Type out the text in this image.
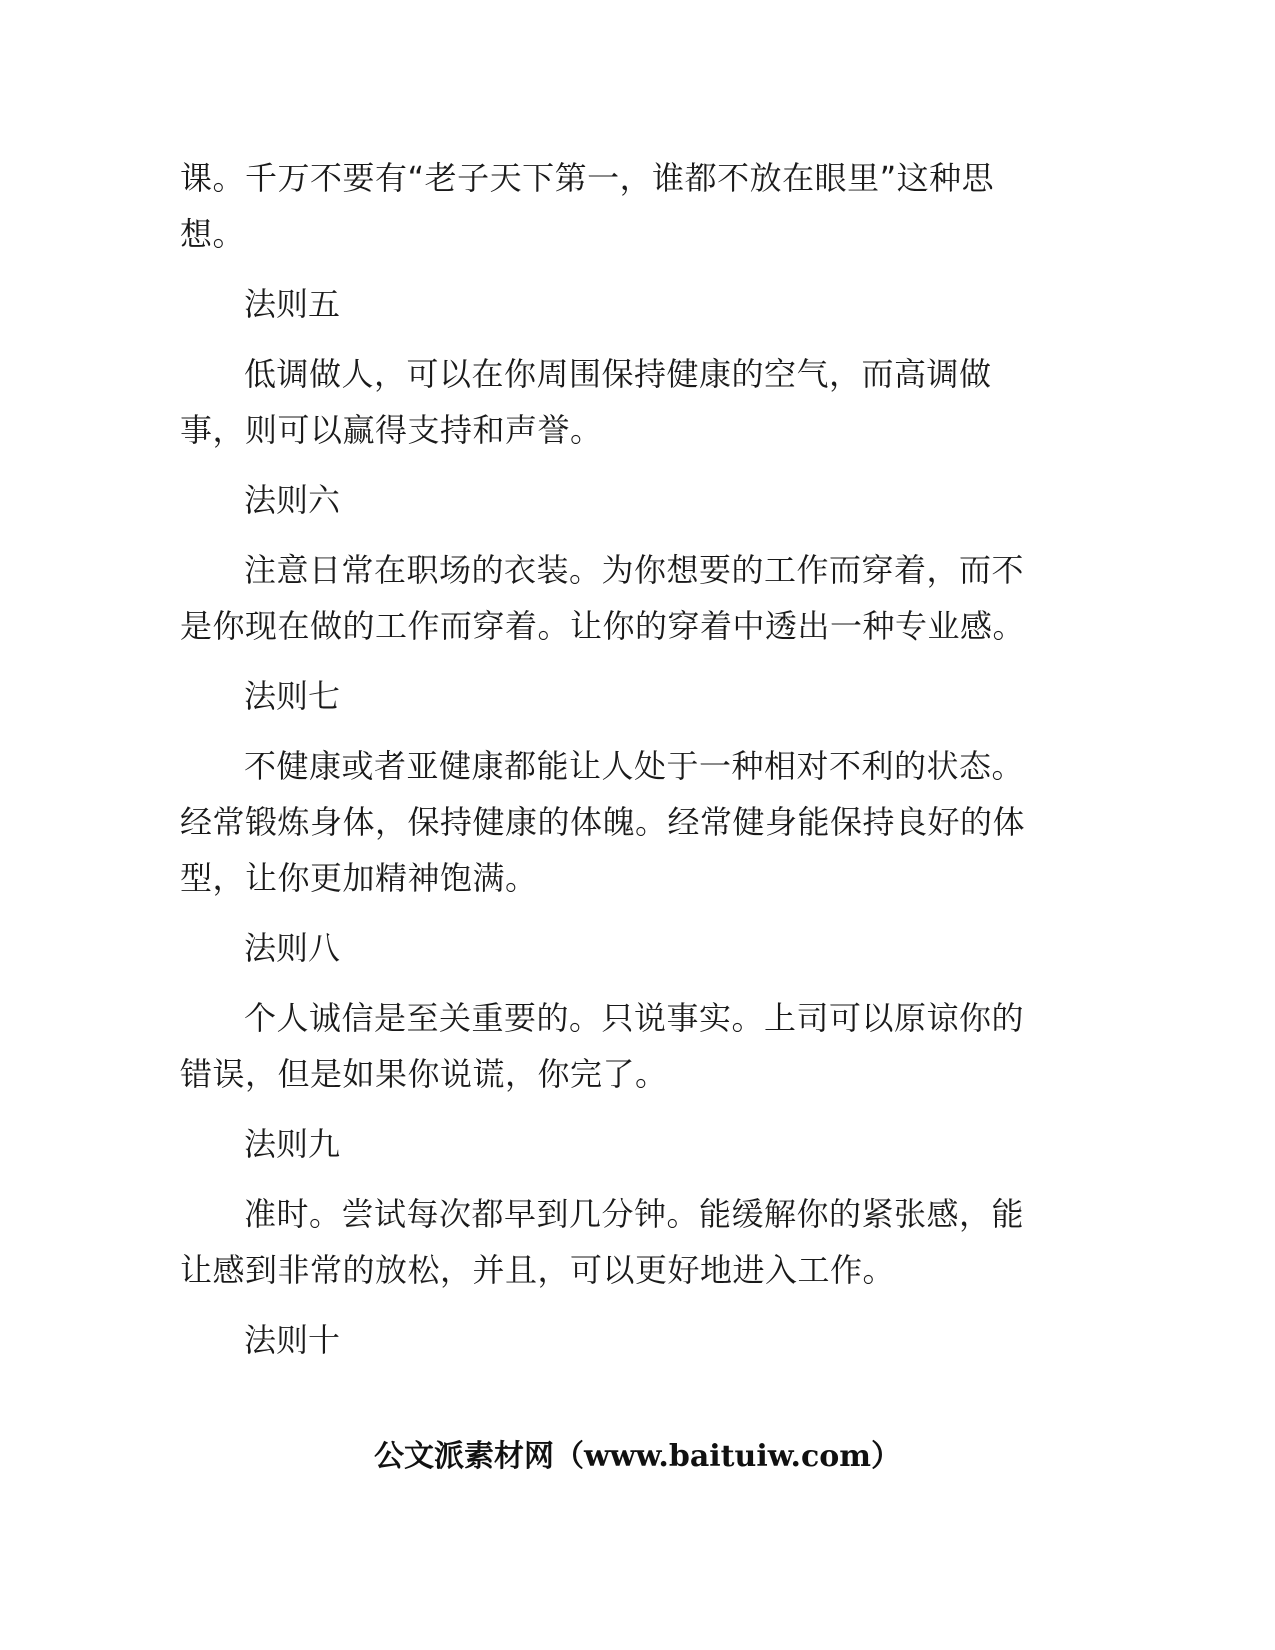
课。千万不要有“老子天下第一，谁都不放在眼里”这种思想。

法则五

低调做人，可以在你周围保持健康的空气，而高调做事，则可以赢得支持和声誉。

法则六

注意日常在职场的衣装。为你想要的工作而穿着，而不是你现在做的工作而穿着。让你的穿着中透出一种专业感。

法则七

不健康或者亚健康都能让人处于一种相对不利的状态。经常锻炼身体，保持健康的体魄。经常健身能保持良好的体型，让你更加精神饱满。

法则八

个人诚信是至关重要的。只说事实。上司可以原谅你的错误，但是如果你说谎，你完了。

法则九

准时。尝试每次都早到几分钟。能缓解你的紧张感，能让感到非常的放松，并且，可以更好地进入工作。

法则十

公文派素材网（www.baituiw.com）
